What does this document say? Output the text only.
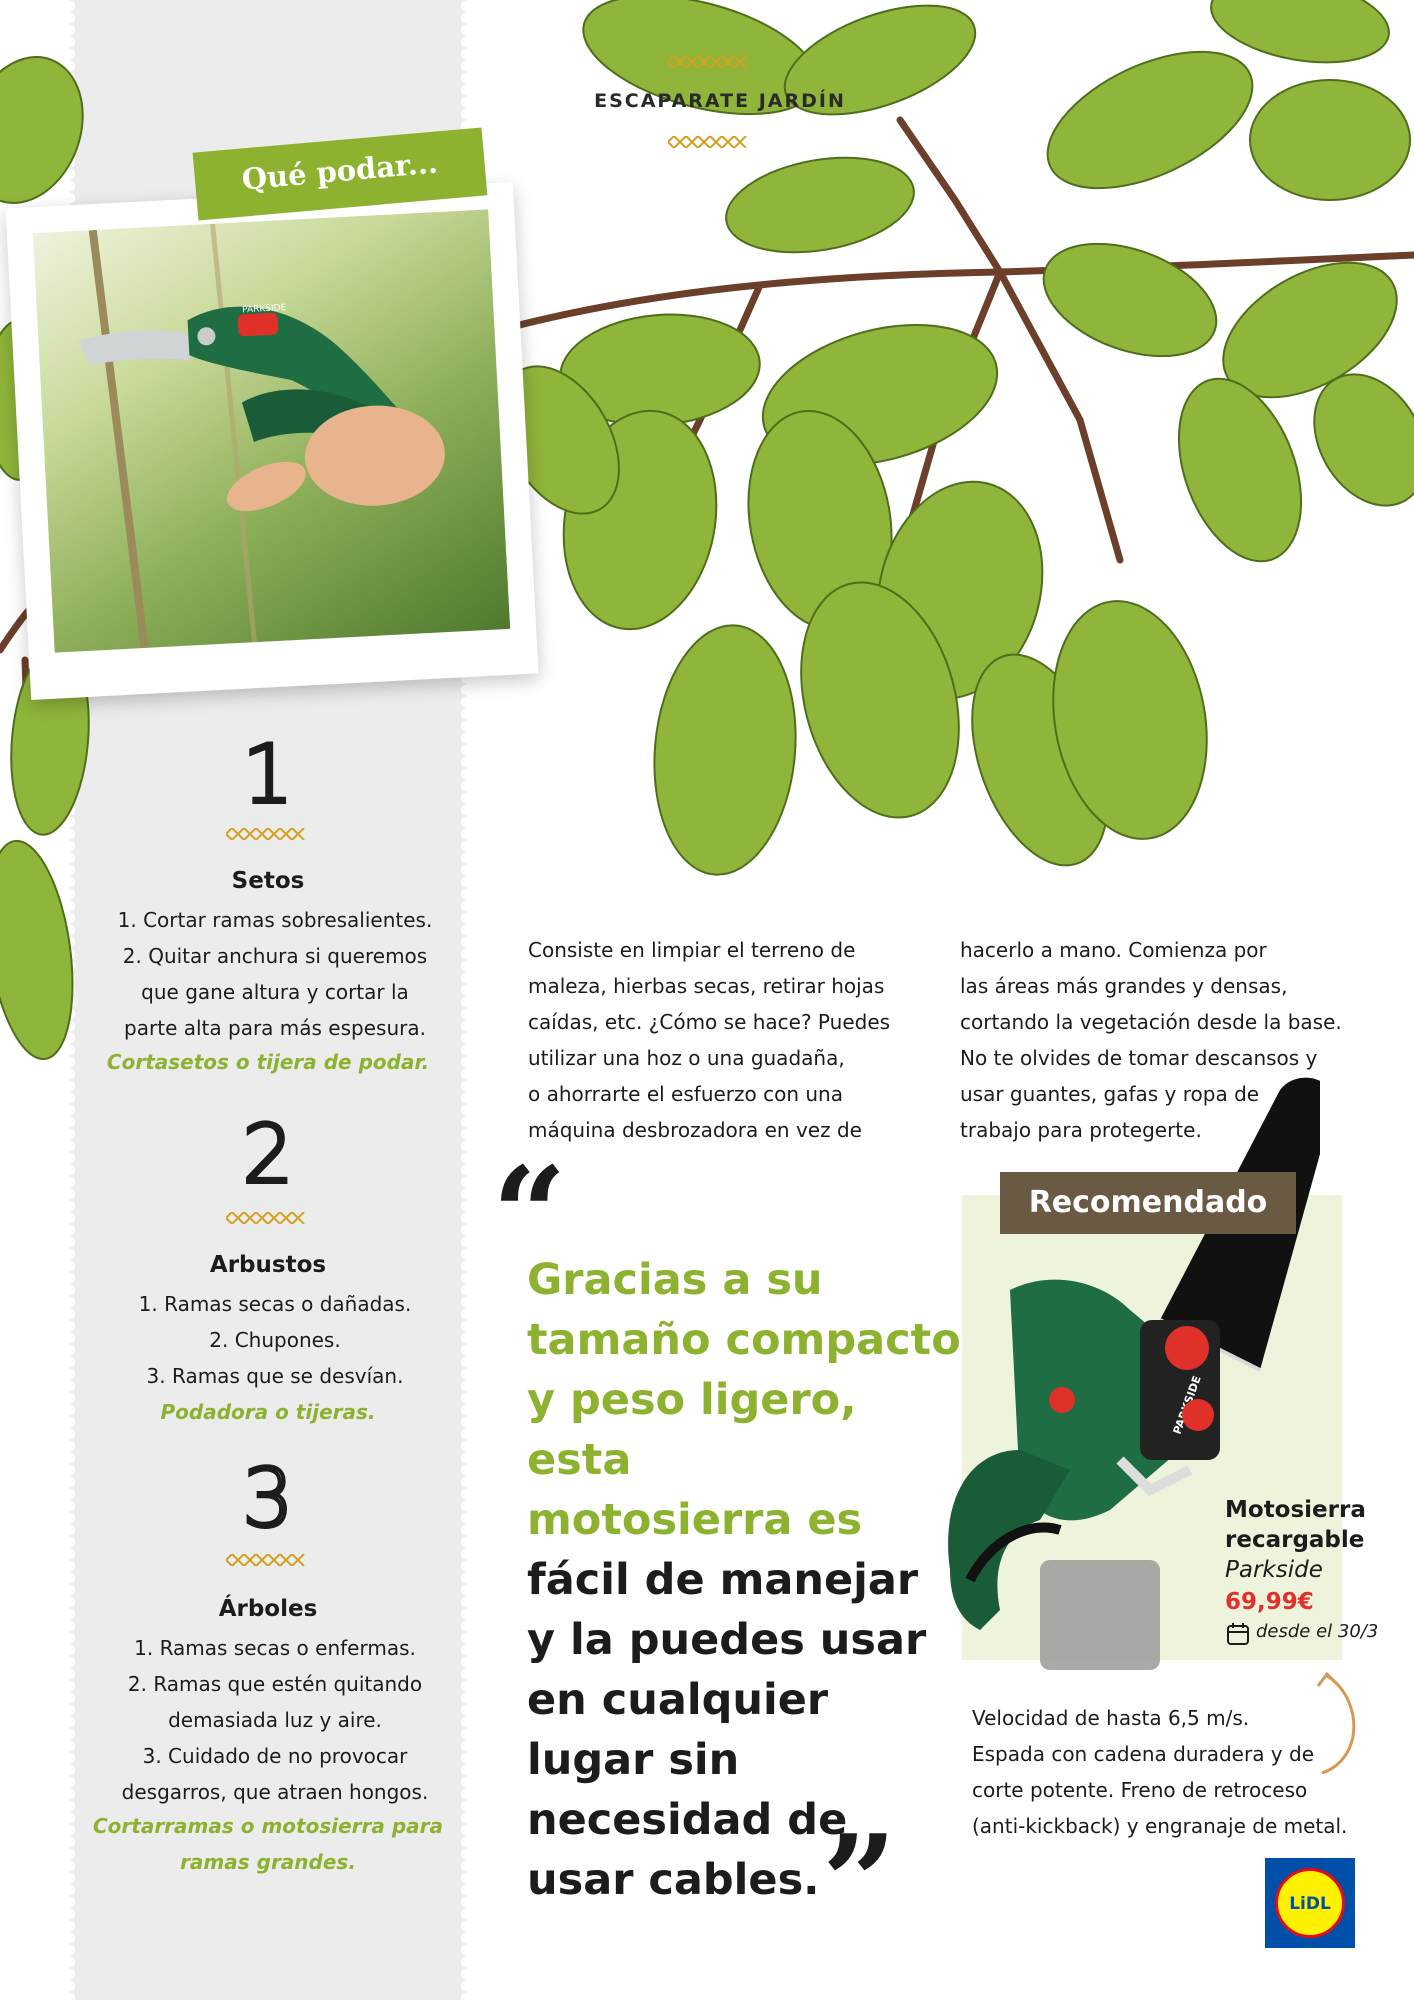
ESCAPARATE JARDÍN
PARKSIDE
Qué podar...
1
Setos
1. Cortar ramas sobresalientes.
2. Quitar anchura si queremos
que gane altura y cortar la
parte alta para más espesura.
Cortasetos o tijera de podar.
2
Arbustos
1. Ramas secas o dañadas.
2. Chupones.
3. Ramas que se desvían.
Podadora o tijeras.
3
Árboles
1. Ramas secas o enfermas.
2. Ramas que estén quitando
demasiada luz y aire.
3. Cuidado de no provocar
desgarros, que atraen hongos.
Cortarramas o motosierra para
ramas grandes.
Consiste en limpiar el terreno de
maleza, hierbas secas, retirar hojas
caídas, etc. ¿Cómo se hace? Puedes
utilizar una hoz o una guadaña,
o ahorrarte el esfuerzo con una
máquina desbrozadora en vez de
hacerlo a mano. Comienza por
las áreas más grandes y densas,
cortando la vegetación desde la base.
No te olvides de tomar descansos y
usar guantes, gafas y ropa de
trabajo para protegerte.
“
Gracias a su
tamaño compacto
y peso ligero, esta
motosierra es
fácil de manejar
y la puedes usar
en cualquier
lugar sin
necesidad de
usar cables. ”
Recomendado
Motosierra
recargable
Parkside
69,99€
desde el 30/3
Velocidad de hasta 6,5 m/s.
Espada con cadena duradera y de
corte potente. Freno de retroceso
(anti-kickback) y engranaje de metal.
LiDL
